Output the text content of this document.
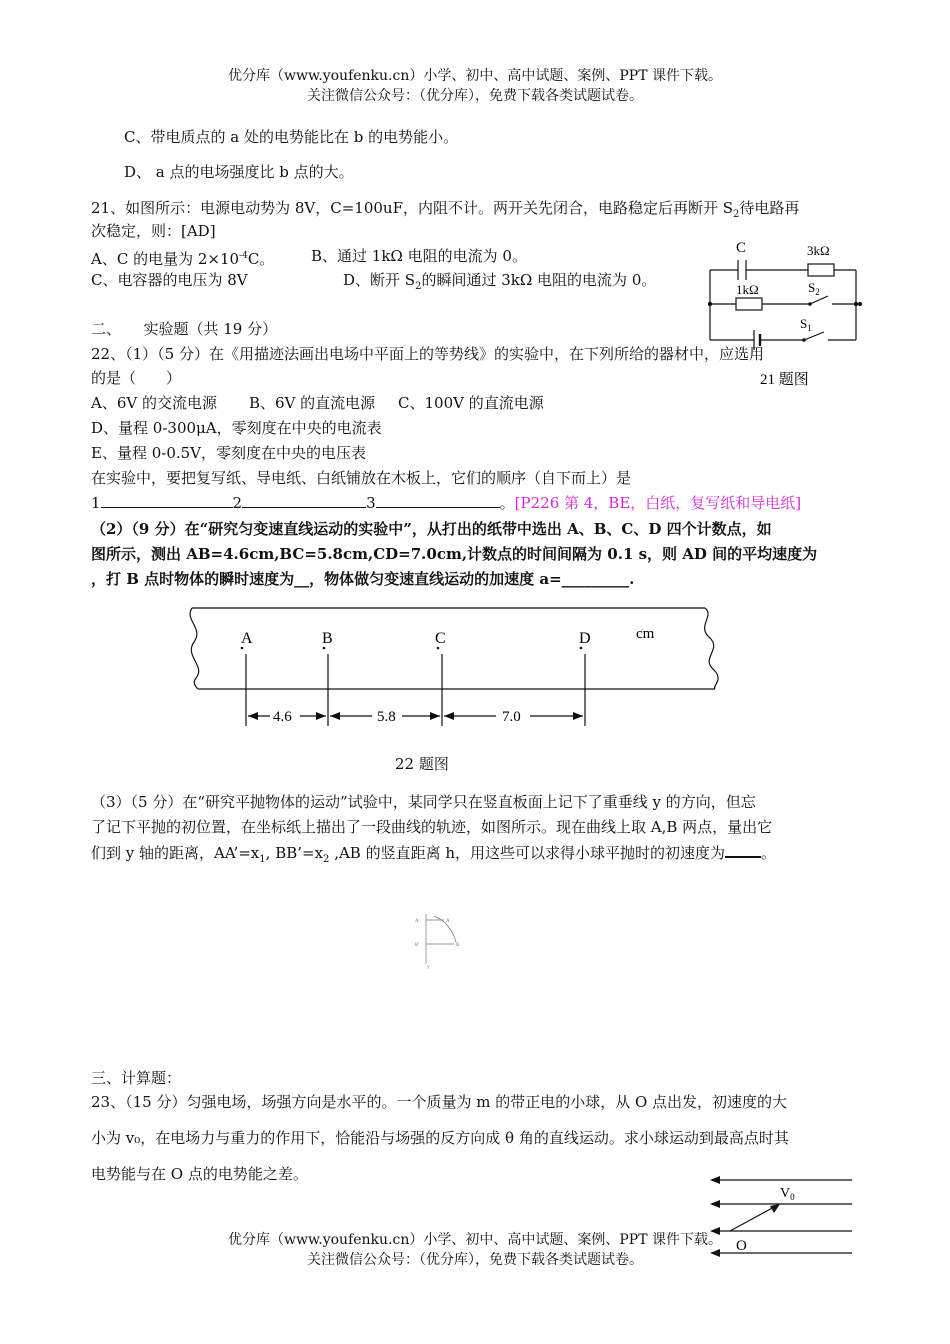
优分库（www.youfenku.cn）小学、初中、高中试题、案例、PPT 课件下载。
关注微信公众号：（优分库），免费下载各类试题试卷。
C、带电质点的 a 处的电势能比在 b 的电势能小。
D、 a 点的电场强度比 b 点的大。
21、如图所示：电源电动势为 8V，C=100uF，内阻不计。两开关先闭合，电路稳定后再断开 $S_2$待电路再
次稳定，则：[AD]
A、C 的电量为 $2\times 10^{-4}C$。 B、通过 1kΩ 电阻的电流为 0。
C、电容器的电压为 8V	D、断开 $S_2$的瞬间通过 3kΩ 电阻的电流为 0。
C	3kΩ
1kΩ	$S_2$
$S_1$
21 题图
二、　　实验题（共 19 分）
22、（1）（5 分）在《用描迹法画出电场中平面上的等势线》的实验中，在下列所给的器材中，应选用
的是（　　）
A、6V 的交流电源 B、6V 的直流电源 C、100V 的直流电源
D、量程 0-300μA，零刻度在中央的电流表
E、量程 0-0.5V，零刻度在中央的电压表
在实验中，要把复写纸、导电纸、白纸铺放在木板上，它们的顺序（自下而上）是
1	2	3	。[P226 第 4，BE，白纸，复写纸和导电纸]
（2）（9 分）在“研究匀变速直线运动的实验中”，从打出的纸带中选出 A、B、C、D 四个计数点，如
图所示，测出 AB=4.6cm,BC=5.8cm,CD=7.0cm,计数点的时间间隔为 0.1 s，则 AD 间的平均速度为
，打 B 点时物体的瞬时速度为__，物体做匀变速直线运动的加速度 a=_________.
A	B	C	D	cm
4.6	5.8	7.0
22 题图
（3）（5 分）在“研究平抛物体的运动”试验中，某同学只在竖直板面上记下了重垂线 y 的方向，但忘
了记下平抛的初位置，在坐标纸上描出了一段曲线的轨迹，如图所示。现在曲线上取 A,B 两点，量出它
们到 y 轴的距离，$AA’=x_1$, $BB’=x_2$ ,AB 的竖直距离 h，用这些可以求得小球平抛时的初速度为 。
A'	A
B'	B
y
三、计算题：
23、（15 分）匀强电场，场强方向是水平的。一个质量为 m 的带正电的小球，从 O 点出发，初速度的大
小为 v₀，在电场力与重力的作用下，恰能沿与场强的反方向成 θ 角的直线运动。求小球运动到最高点时其
电势能与在 O 点的电势能之差。
$V_0$
O
优分库（www.youfenku.cn）小学、初中、高中试题、案例、PPT 课件下载。
关注微信公众号：（优分库），免费下载各类试题试卷。
